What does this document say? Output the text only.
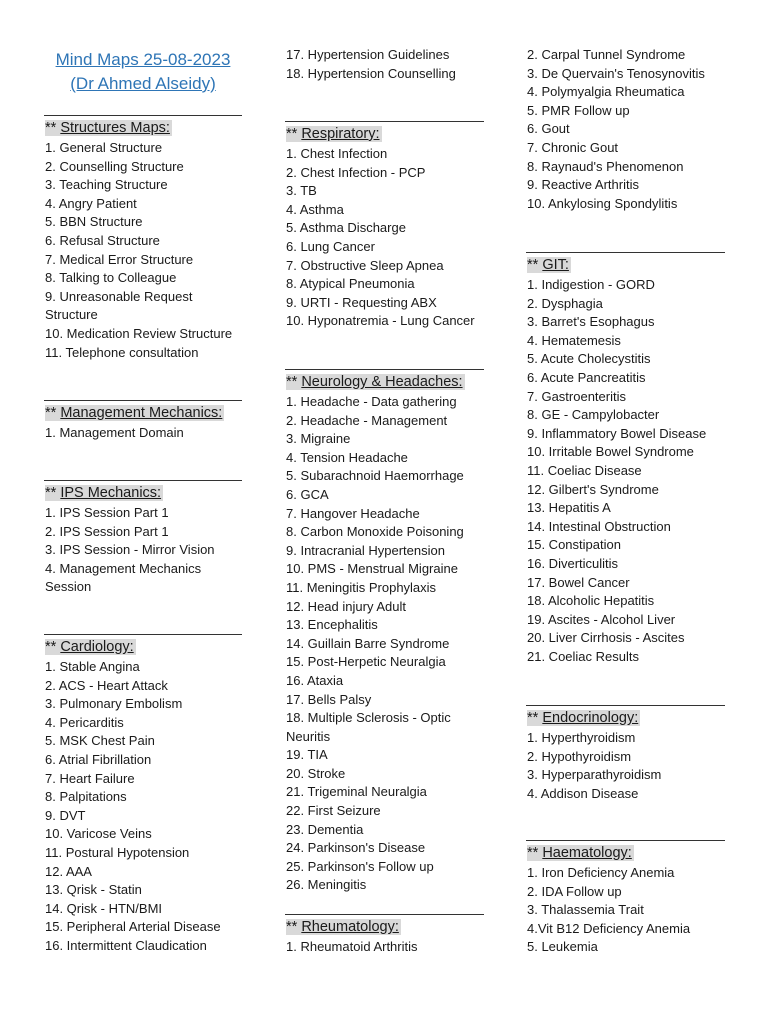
Mind Maps 25-08-2023
(Dr Ahmed Alseidy)
** Structures Maps:
1. General Structure
2. Counselling Structure
3. Teaching Structure
4. Angry Patient
5. BBN Structure
6. Refusal Structure
7. Medical Error Structure
8. Talking to Colleague
9. Unreasonable Request Structure
10. Medication Review Structure
11. Telephone consultation
** Management Mechanics:
1. Management Domain
** IPS Mechanics:
1. IPS Session Part 1
2. IPS Session Part 1
3. IPS Session - Mirror Vision
4. Management Mechanics Session
** Cardiology:
1. Stable Angina
2. ACS - Heart Attack
3. Pulmonary Embolism
4. Pericarditis
5. MSK Chest Pain
6. Atrial Fibrillation
7. Heart Failure
8. Palpitations
9. DVT
10. Varicose Veins
11. Postural Hypotension
12. AAA
13. Qrisk - Statin
14. Qrisk - HTN/BMI
15. Peripheral Arterial Disease
16. Intermittent Claudication
17. Hypertension Guidelines
18. Hypertension Counselling
** Respiratory:
1. Chest Infection
2. Chest Infection - PCP
3. TB
4. Asthma
5. Asthma Discharge
6. Lung Cancer
7. Obstructive Sleep Apnea
8. Atypical Pneumonia
9. URTI - Requesting ABX
10. Hyponatremia - Lung Cancer
** Neurology & Headaches:
1. Headache - Data gathering
2. Headache - Management
3. Migraine
4. Tension Headache
5. Subarachnoid Haemorrhage
6. GCA
7. Hangover Headache
8. Carbon Monoxide Poisoning
9. Intracranial Hypertension
10. PMS - Menstrual Migraine
11. Meningitis Prophylaxis
12. Head injury Adult
13. Encephalitis
14. Guillain Barre Syndrome
15. Post-Herpetic Neuralgia
16. Ataxia
17. Bells Palsy
18. Multiple Sclerosis - Optic Neuritis
19. TIA
20. Stroke
21. Trigeminal Neuralgia
22. First Seizure
23. Dementia
24. Parkinson's Disease
25. Parkinson's Follow up
26. Meningitis
** Rheumatology:
1. Rheumatoid Arthritis
2. Carpal Tunnel Syndrome
3. De Quervain's Tenosynovitis
4. Polymyalgia Rheumatica
5. PMR Follow up
6. Gout
7. Chronic Gout
8. Raynaud's Phenomenon
9. Reactive Arthritis
10. Ankylosing Spondylitis
** GIT:
1. Indigestion - GORD
2. Dysphagia
3. Barret's Esophagus
4. Hematemesis
5. Acute Cholecystitis
6. Acute Pancreatitis
7. Gastroenteritis
8. GE - Campylobacter
9. Inflammatory Bowel Disease
10. Irritable Bowel Syndrome
11. Coeliac Disease
12. Gilbert's Syndrome
13. Hepatitis A
14. Intestinal Obstruction
15. Constipation
16. Diverticulitis
17. Bowel Cancer
18. Alcoholic Hepatitis
19. Ascites - Alcohol Liver
20. Liver Cirrhosis - Ascites
21. Coeliac Results
** Endocrinology:
1. Hyperthyroidism
2. Hypothyroidism
3. Hyperparathyroidism
4. Addison Disease
** Haematology:
1. Iron Deficiency Anemia
2. IDA Follow up
3. Thalassemia Trait
4.Vit B12 Deficiency Anemia
5. Leukemia
